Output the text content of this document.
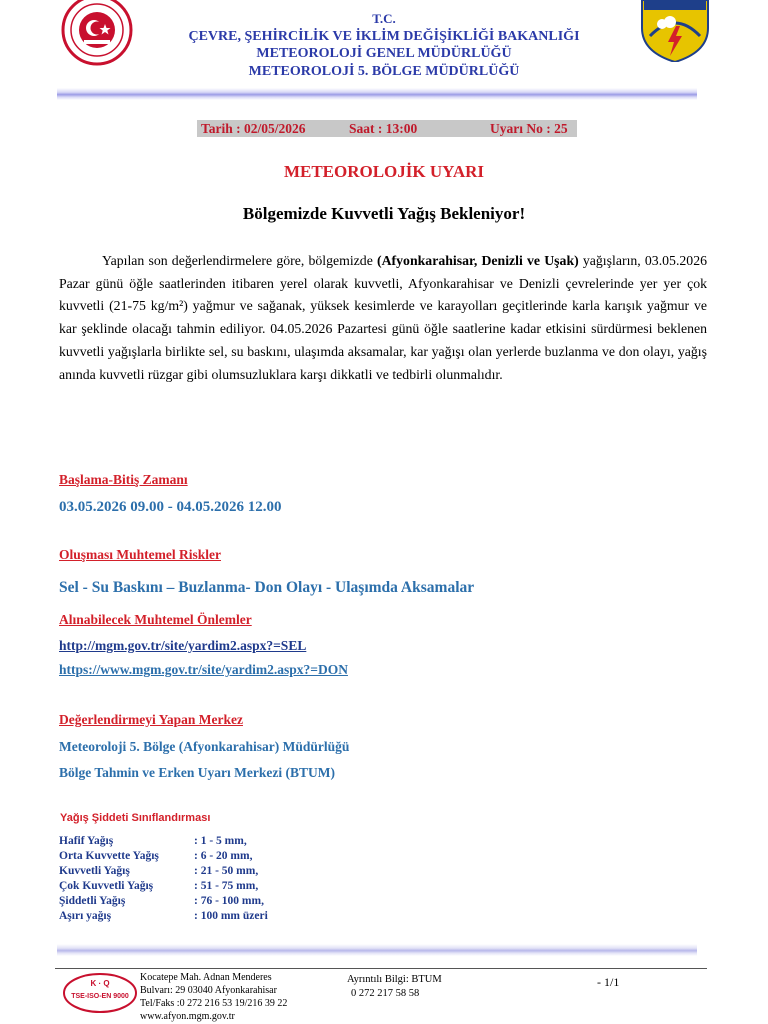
T.C.
ÇEVRE, ŞEHİRCİLİK VE İKLİM DEĞİŞİKLİĞİ BAKANLIĞI
METEOROLOJİ GENEL MÜDÜRLÜĞÜ
METEOROLOJİ 5. BÖLGE MÜDÜRLÜĞÜ
Tarih : 02/05/2026	Saat : 13:00	Uyarı No : 25
METEOROLOJİK UYARI
Bölgemizde Kuvvetli Yağış Bekleniyor!
Yapılan son değerlendirmelere göre, bölgemizde (Afyonkarahisar, Denizli ve Uşak) yağışların, 03.05.2026 Pazar günü öğle saatlerinden itibaren yerel olarak kuvvetli, Afyonkarahisar ve Denizli çevrelerinde yer yer çok kuvvetli (21-75 kg/m²) yağmur ve sağanak, yüksek kesimlerde ve karayolları geçitlerinde karla karışık yağmur ve kar şeklinde olacağı tahmin ediliyor. 04.05.2026 Pazartesi günü öğle saatlerine kadar etkisini sürdürmesi beklenen kuvvetli yağışlarla birlikte sel, su baskını, ulaşımda aksamalar, kar yağışı olan yerlerde buzlanma ve don olayı, yağış anında kuvvetli rüzgar gibi olumsuzluklara karşı dikkatli ve tedbirli olunmalıdır.
Başlama-Bitiş Zamanı
03.05.2026 09.00 - 04.05.2026 12.00
Oluşması Muhtemel Riskler
Sel - Su Baskını – Buzlanma- Don Olayı - Ulaşımda Aksamalar
Alınabilecek Muhtemel Önlemler
http://mgm.gov.tr/site/yardim2.aspx?=SEL
https://www.mgm.gov.tr/site/yardim2.aspx?=DON
Değerlendirmeyi Yapan Merkez
Meteoroloji 5. Bölge (Afyonkarahisar) Müdürlüğü
Bölge Tahmin ve Erken Uyarı Merkezi (BTUM)
Yağış Şiddeti Sınıflandırması
Hafif Yağış	: 1 - 5 mm,
Orta Kuvvette Yağış	: 6 - 20 mm,
Kuvvetli Yağış	: 21 - 50 mm,
Çok Kuvvetli Yağış	: 51 - 75 mm,
Şiddetli Yağış	: 76 - 100 mm,
Aşırı yağış	: 100 mm üzeri
K · Q
TSE-ISO-EN 9000
Kocatepe Mah. Adnan Menderes
Bulvarı: 29 03040 Afyonkarahisar
Tel/Faks :0 272 216 53 19/216 39 22
www.afyon.mgm.gov.tr
Ayrıntılı Bilgi: BTUM
0 272 217 58 58
- 1/1
